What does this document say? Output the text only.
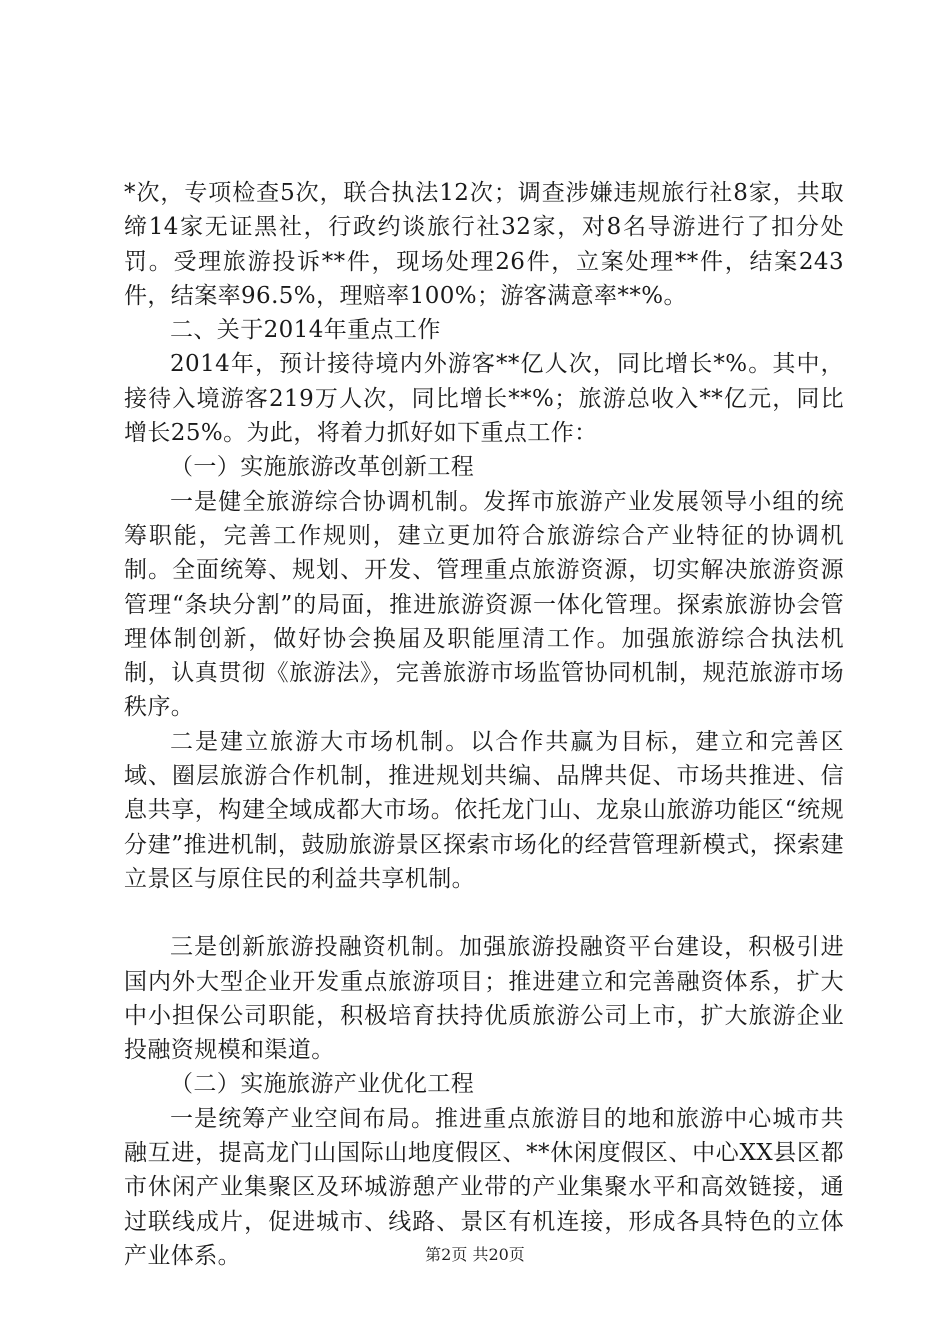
*次，专项检查5次，联合执法12次；调查涉嫌违规旅行社8家，共取缔14家无证黑社，行政约谈旅行社32家，对8名导游进行了扣分处罚。受理旅游投诉**件，现场处理26件，立案处理**件，结案243件，结案率96.5%，理赔率100%；游客满意率**%。

二、关于2014年重点工作

2014年，预计接待境内外游客**亿人次，同比增长*%。其中，接待入境游客219万人次，同比增长**%；旅游总收入**亿元，同比增长25%。为此，将着力抓好如下重点工作：

（一）实施旅游改革创新工程

一是健全旅游综合协调机制。发挥市旅游产业发展领导小组的统筹职能，完善工作规则，建立更加符合旅游综合产业特征的协调机制。全面统筹、规划、开发、管理重点旅游资源，切实解决旅游资源管理“条块分割”的局面，推进旅游资源一体化管理。探索旅游协会管理体制创新，做好协会换届及职能厘清工作。加强旅游综合执法机制，认真贯彻《旅游法》，完善旅游市场监管协同机制，规范旅游市场秩序。

二是建立旅游大市场机制。以合作共赢为目标，建立和完善区域、圈层旅游合作机制，推进规划共编、品牌共促、市场共推进、信息共享，构建全域成都大市场。依托龙门山、龙泉山旅游功能区“统规分建”推进机制，鼓励旅游景区探索市场化的经营管理新模式，探索建立景区与原住民的利益共享机制。

三是创新旅游投融资机制。加强旅游投融资平台建设，积极引进国内外大型企业开发重点旅游项目；推进建立和完善融资体系，扩大中小担保公司职能，积极培育扶持优质旅游公司上市，扩大旅游企业投融资规模和渠道。

（二）实施旅游产业优化工程

一是统筹产业空间布局。推进重点旅游目的地和旅游中心城市共融互进，提高龙门山国际山地度假区、**休闲度假区、中心XX县区都市休闲产业集聚区及环城游憩产业带的产业集聚水平和高效链接，通过联线成片，促进城市、线路、景区有机连接，形成各具特色的立体产业体系。	第2页 共20页
